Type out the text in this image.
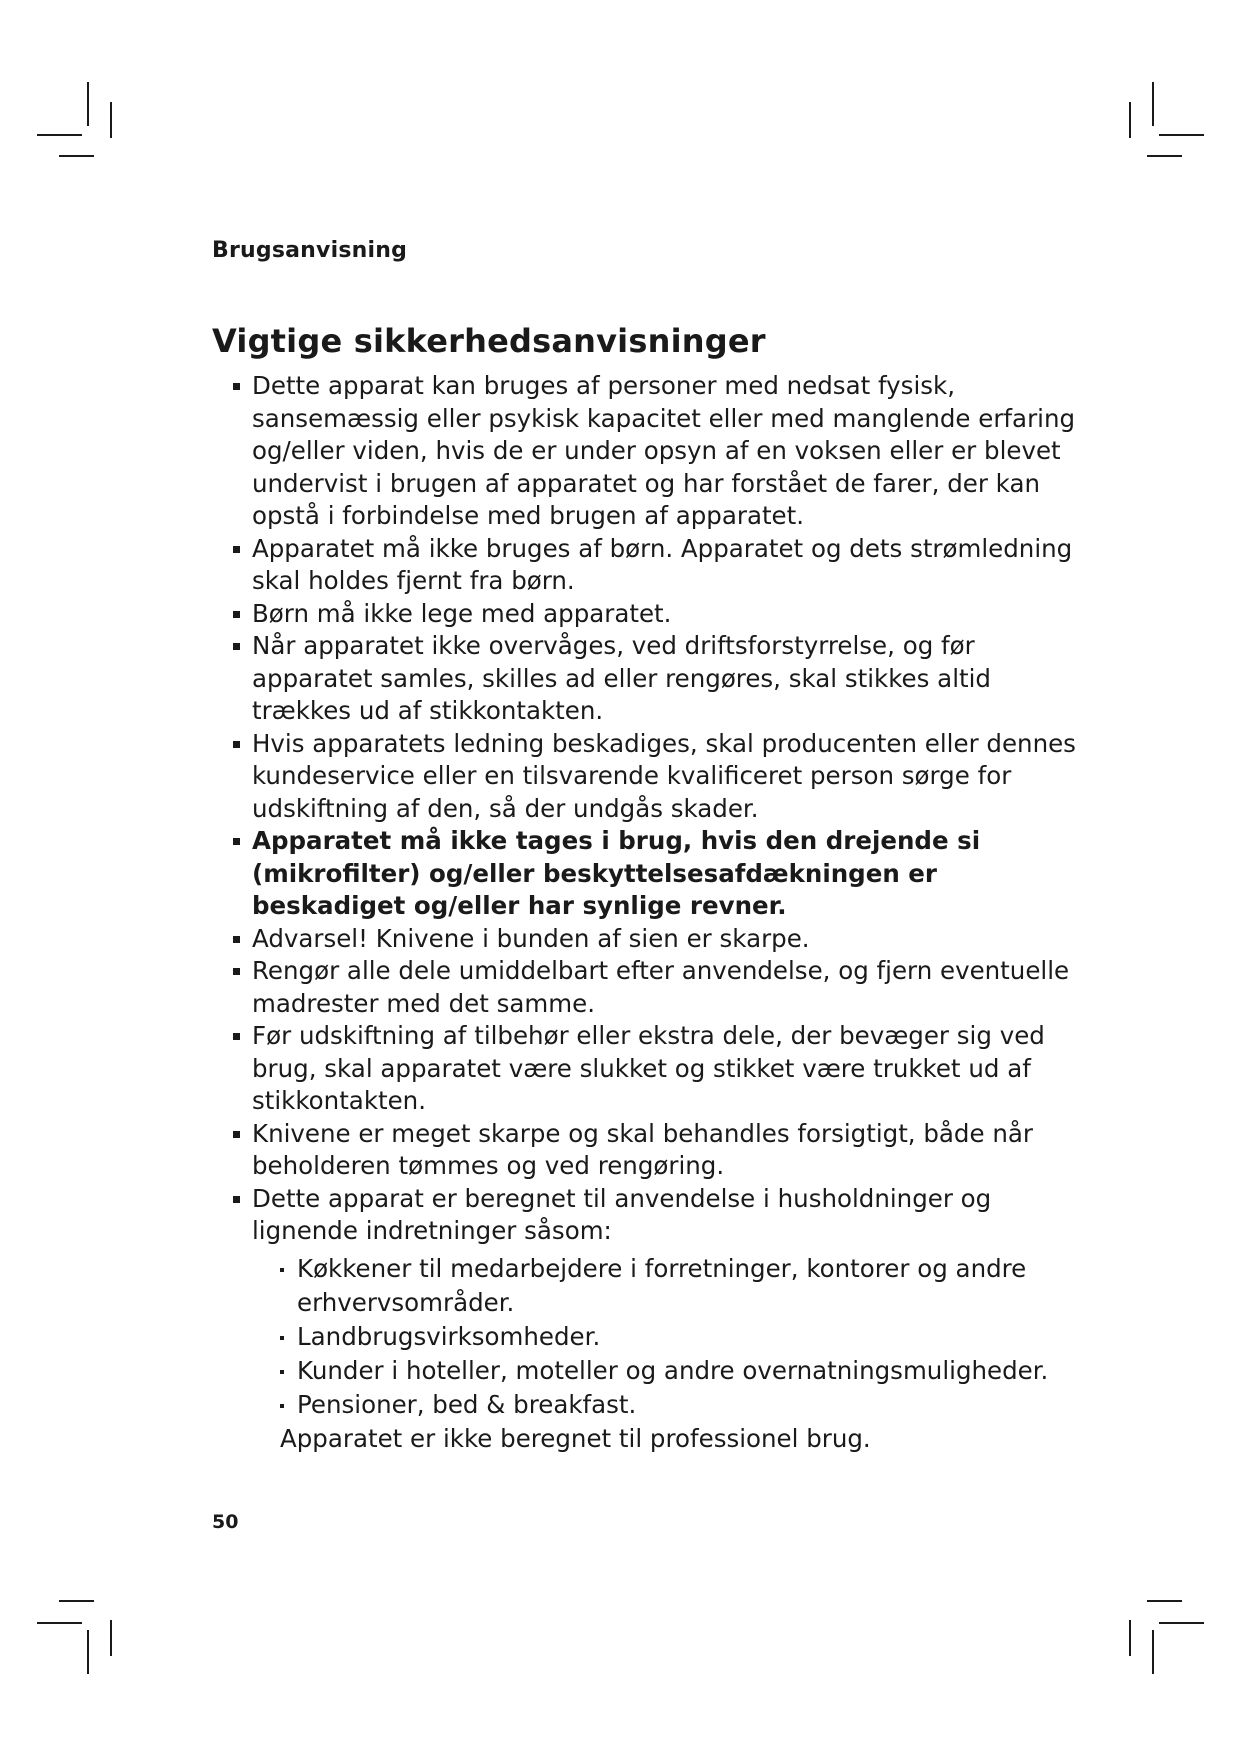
Brugsanvisning
Vigtige sikkerhedsanvisninger
Dette apparat kan bruges af personer med nedsat fysisk, sansemæssig eller psykisk kapacitet eller med manglende erfaring og/eller viden, hvis de er under opsyn af en voksen eller er blevet undervist i brugen af apparatet og har forstået de farer, der kan opstå i forbindelse med brugen af apparatet.
Apparatet må ikke bruges af børn. Apparatet og dets strømledning skal holdes fjernt fra børn.
Børn må ikke lege med apparatet.
Når apparatet ikke overvåges, ved driftsforstyrrelse, og før apparatet samles, skilles ad eller rengøres, skal stikkes altid trækkes ud af stikkontakten.
Hvis apparatets ledning beskadiges, skal producenten eller dennes kundeservice eller en tilsvarende kvalificeret person sørge for udskiftning af den, så der undgås skader.
Apparatet må ikke tages i brug, hvis den drejende si (mikrofilter) og/eller beskyttelsesafdækningen er beskadiget og/eller har synlige revner.
Advarsel! Knivene i bunden af sien er skarpe.
Rengør alle dele umiddelbart efter anvendelse, og fjern eventuelle madrester med det samme.
Før udskiftning af tilbehør eller ekstra dele, der bevæger sig ved brug, skal apparatet være slukket og stikket være trukket ud af stikkontakten.
Knivene er meget skarpe og skal behandles forsigtigt, både når beholderen tømmes og ved rengøring.
Dette apparat er beregnet til anvendelse i husholdninger og lignende indretninger såsom:
Køkkener til medarbejdere i forretninger, kontorer og andre erhvervsområder.
Landbrugsvirksomheder.
Kunder i hoteller, moteller og andre overnatningsmuligheder.
Pensioner, bed & breakfast.
Apparatet er ikke beregnet til professionel brug.
50
